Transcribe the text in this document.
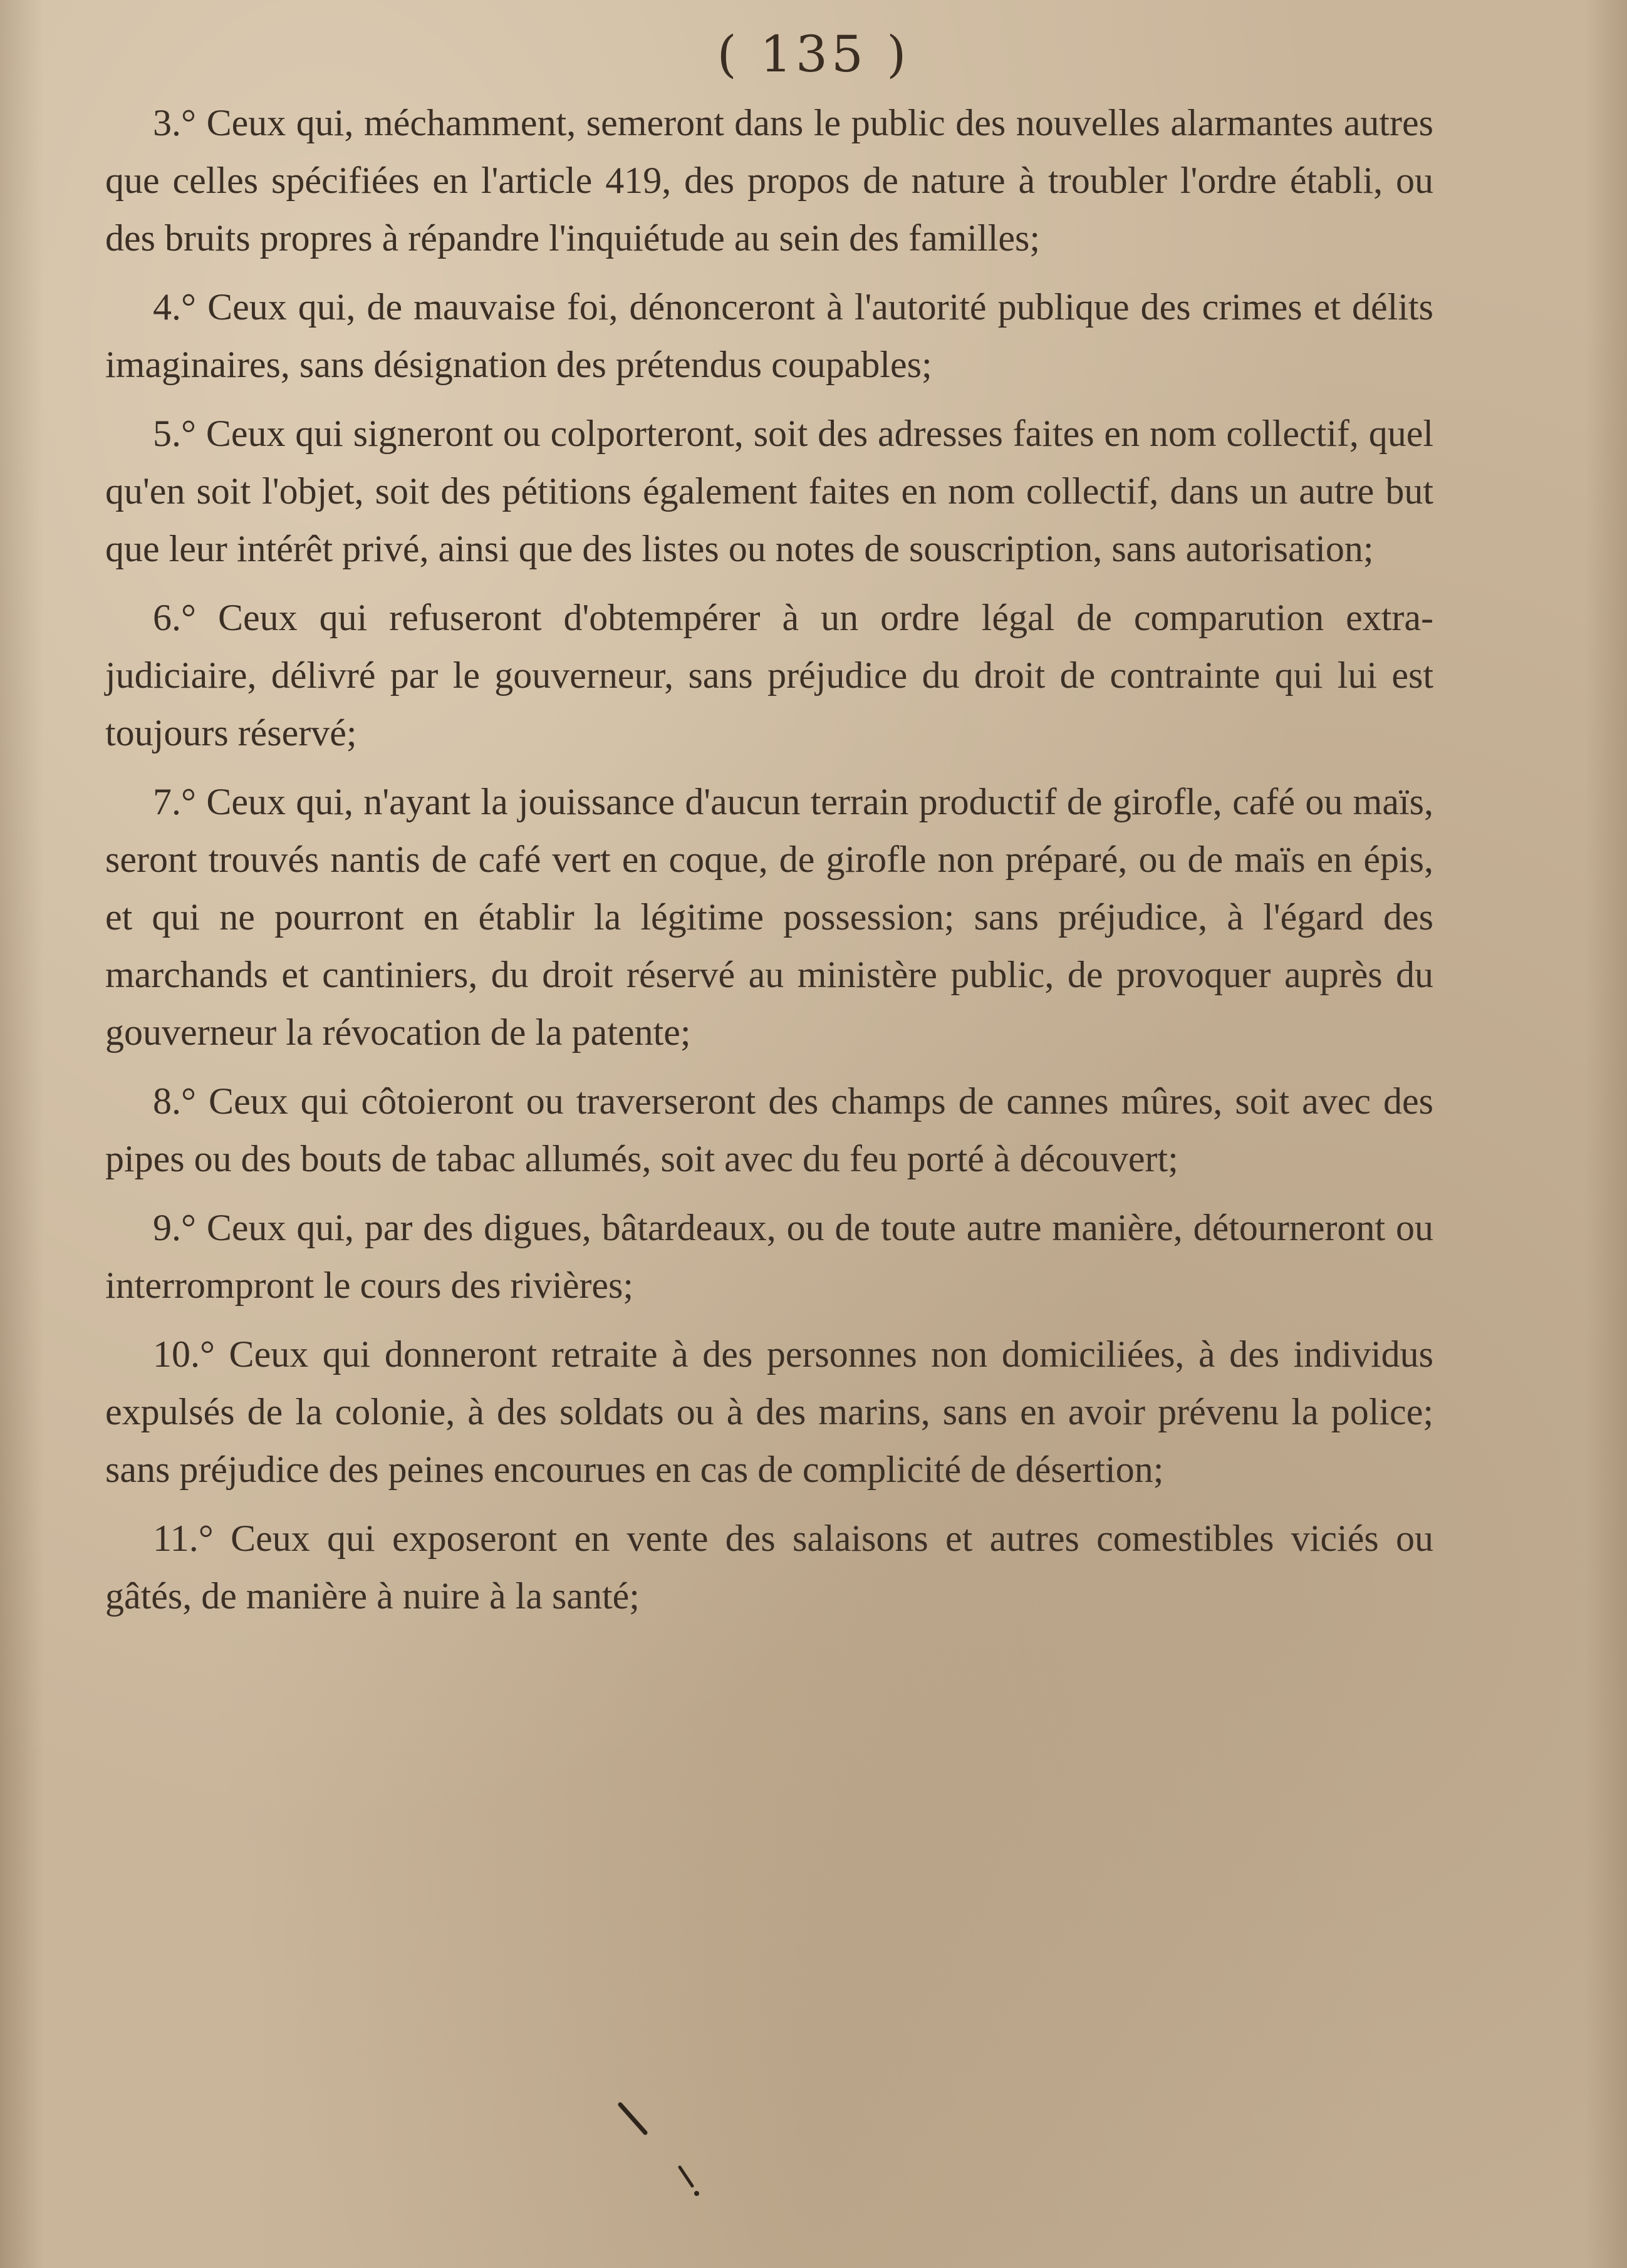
( 135 )

3.° Ceux qui, méchamment, semeront dans le public des nouvelles alarmantes autres que celles spécifiées en l'article 419, des propos de nature à troubler l'ordre établi, ou des bruits propres à répandre l'inquiétude au sein des familles;

4.° Ceux qui, de mauvaise foi, dénonceront à l'autorité publique des crimes et délits imaginaires, sans désignation des prétendus coupables;

5.° Ceux qui signeront ou colporteront, soit des adresses faites en nom collectif, quel qu'en soit l'objet, soit des pétitions également faites en nom collectif, dans un autre but que leur intérêt privé, ainsi que des listes ou notes de souscription, sans autorisation;

6.° Ceux qui refuseront d'obtempérer à un ordre légal de comparution extra-judiciaire, délivré par le gouverneur, sans préjudice du droit de contrainte qui lui est toujours réservé;

7.° Ceux qui, n'ayant la jouissance d'aucun terrain productif de girofle, café ou maïs, seront trouvés nantis de café vert en coque, de girofle non préparé, ou de maïs en épis, et qui ne pourront en établir la légitime possession; sans préjudice, à l'égard des marchands et cantiniers, du droit réservé au ministère public, de provoquer auprès du gouverneur la révocation de la patente;

8.° Ceux qui côtoieront ou traverseront des champs de cannes mûres, soit avec des pipes ou des bouts de tabac allumés, soit avec du feu porté à découvert;

9.° Ceux qui, par des digues, bâtardeaux, ou de toute autre manière, détourneront ou interrompront le cours des rivières;

10.° Ceux qui donneront retraite à des personnes non domiciliées, à des individus expulsés de la colonie, à des soldats ou à des marins, sans en avoir prévenu la police; sans préjudice des peines encourues en cas de complicité de désertion;

11.° Ceux qui exposeront en vente des salaisons et autres comestibles viciés ou gâtés, de manière à nuire à la santé;
